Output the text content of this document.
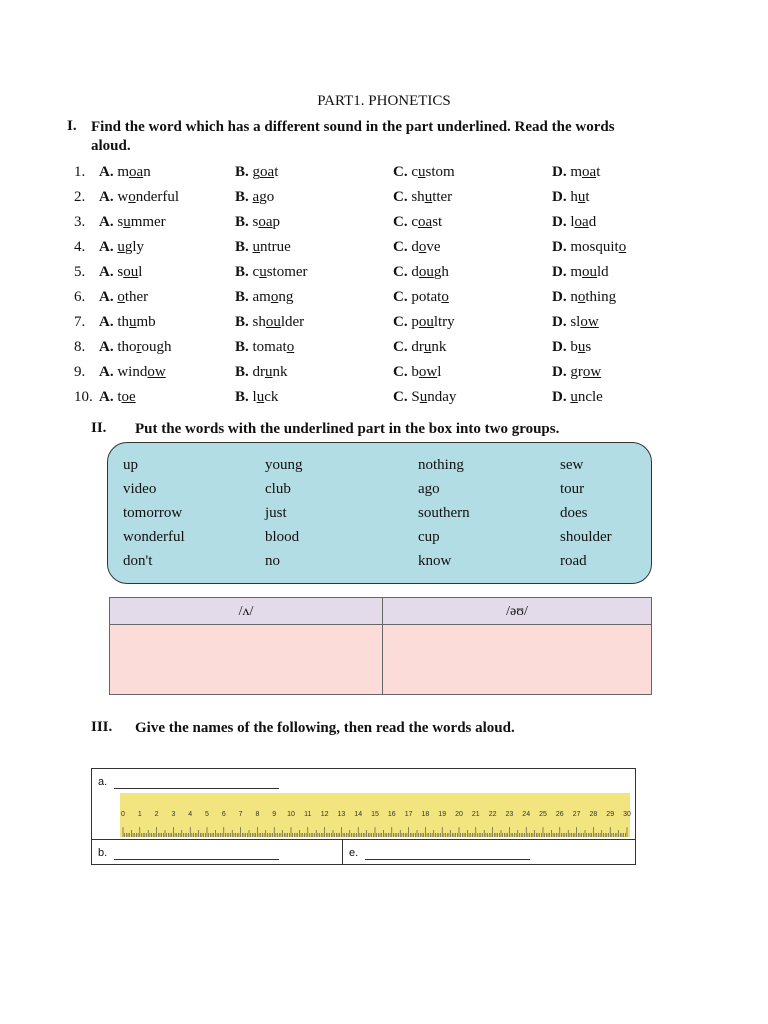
PART1. PHONETICS
I. Find the word which has a different sound in the part underlined. Read the words
aloud.
1. A. moan	B. goat	C. custom	D. moat
2. A. wonderful	B. ago	C. shutter	D. hut
3. A. summer	B. soap	C. coast	D. load
4. A. ugly	B. untrue	C. dove	D. mosquito
5. A. soul	B. customer	C. dough	D. mould
6. A. other	B. among	C. potato	D. nothing
7. A. thumb	B. shoulder	C. poultry	D. slow
8. A. thorough	B. tomato	C. drunk	D. bus
9. A. window	B. drunk	C. bowl	D. grow
10. A. toe	B. luck	C. Sunday	D. uncle
II. Put the words with the underlined part in the box into two groups.
up	young	nothing	sew
video	club	ago	tour
tomorrow	just	southern	does
wonderful	blood	cup	shoulder
don't	no	know	road
/ʌ/	/əʊ/
III. Give the names of the following, then read the words aloud.
a.
0 1 2 3 4 5 6 7 8 9 10 11 12 13 14 15 16 17 18 19 20 21 22 23 24 25 26 27 28 29 30
b.	e.
